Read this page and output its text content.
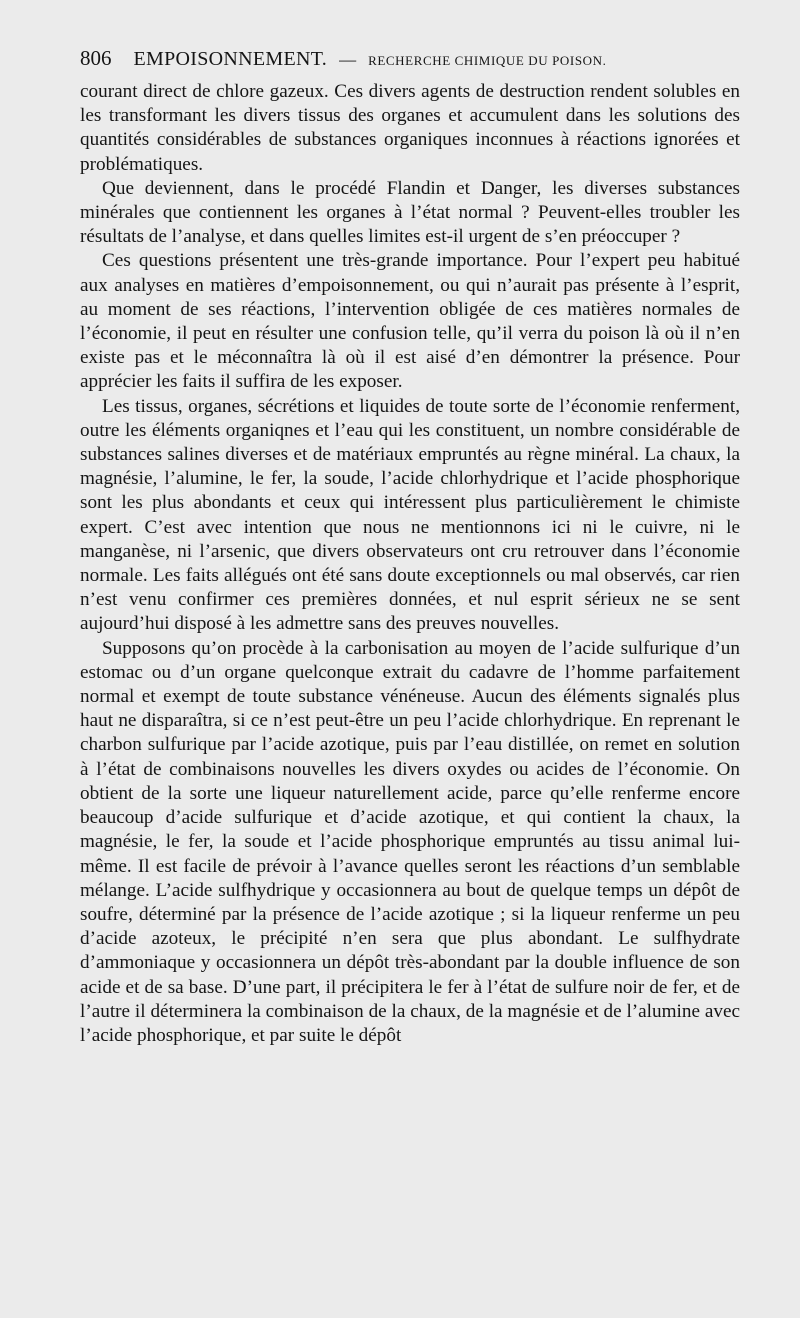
806 EMPOISONNEMENT. — RECHERCHE CHIMIQUE DU POISON.

courant direct de chlore gazeux. Ces divers agents de destruction rendent solubles en les transformant les divers tissus des organes et accumulent dans les solutions des quantités considérables de substances organiques inconnues à réactions ignorées et problématiques.

Que deviennent, dans le procédé Flandin et Danger, les diverses substances minérales que contiennent les organes à l’état normal ? Peuvent-elles troubler les résultats de l’analyse, et dans quelles limites est-il urgent de s’en préoccuper ?

Ces questions présentent une très-grande importance. Pour l’expert peu habitué aux analyses en matières d’empoisonnement, ou qui n’aurait pas présente à l’esprit, au moment de ses réactions, l’intervention obligée de ces matières normales de l’économie, il peut en résulter une confusion telle, qu’il verra du poison là où il n’en existe pas et le méconnaîtra là où il est aisé d’en démontrer la présence. Pour apprécier les faits il suffira de les exposer.

Les tissus, organes, sécrétions et liquides de toute sorte de l’économie renferment, outre les éléments organiqnes et l’eau qui les constituent, un nombre considérable de substances salines diverses et de matériaux empruntés au règne minéral. La chaux, la magnésie, l’alumine, le fer, la soude, l’acide chlorhydrique et l’acide phosphorique sont les plus abondants et ceux qui intéressent plus particulièrement le chimiste expert. C’est avec intention que nous ne mentionnons ici ni le cuivre, ni le manganèse, ni l’arsenic, que divers observateurs ont cru retrouver dans l’économie normale. Les faits allégués ont été sans doute exceptionnels ou mal observés, car rien n’est venu confirmer ces premières données, et nul esprit sérieux ne se sent aujourd’hui disposé à les admettre sans des preuves nouvelles.

Supposons qu’on procède à la carbonisation au moyen de l’acide sulfurique d’un estomac ou d’un organe quelconque extrait du cadavre de l’homme parfaitement normal et exempt de toute substance vénéneuse. Aucun des éléments signalés plus haut ne disparaîtra, si ce n’est peut-être un peu l’acide chlorhydrique. En reprenant le charbon sulfurique par l’acide azotique, puis par l’eau distillée, on remet en solution à l’état de combinaisons nouvelles les divers oxydes ou acides de l’économie. On obtient de la sorte une liqueur naturellement acide, parce qu’elle renferme encore beaucoup d’acide sulfurique et d’acide azotique, et qui contient la chaux, la magnésie, le fer, la soude et l’acide phosphorique empruntés au tissu animal lui-même. Il est facile de prévoir à l’avance quelles seront les réactions d’un semblable mélange. L’acide sulfhydrique y occasionnera au bout de quelque temps un dépôt de soufre, déterminé par la présence de l’acide azotique ; si la liqueur renferme un peu d’acide azoteux, le précipité n’en sera que plus abondant. Le sulfhydrate d’ammoniaque y occasionnera un dépôt très-abondant par la double influence de son acide et de sa base. D’une part, il précipitera le fer à l’état de sulfure noir de fer, et de l’autre il déterminera la combinaison de la chaux, de la magnésie et de l’alumine avec l’acide phosphorique, et par suite le dépôt
